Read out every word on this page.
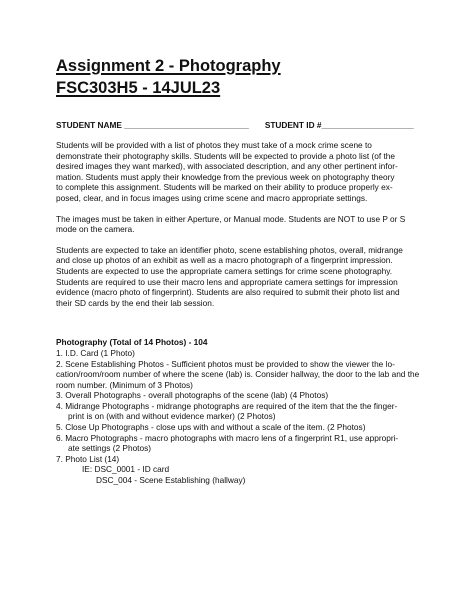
Assignment 2 - Photography
FSC303H5 - 14JUL23
STUDENT NAME ___________________________ STUDENT ID #____________________

Students will be provided with a list of photos they must take of a mock crime scene to
demonstrate their photography skills. Students will be expected to provide a photo list (of the
desired images they want marked), with associated description, and any other pertinent infor-
mation. Students must apply their knowledge from the previous week on photography theory
to complete this assignment. Students will be marked on their ability to produce properly ex-
posed, clear, and in focus images using crime scene and macro appropriate settings.

The images must be taken in either Aperture, or Manual mode. Students are NOT to use P or S
mode on the camera.

Students are expected to take an identifier photo, scene establishing photos, overall, midrange
and close up photos of an exhibit as well as a macro photograph of a fingerprint impression.
Students are expected to use the appropriate camera settings for crime scene photography.
Students are required to use their macro lens and appropriate camera settings for impression
evidence (macro photo of fingerprint). Students are also required to submit their photo list and
their SD cards by the end their lab session.

Photography (Total of 14 Photos) - 104
1. I.D. Card (1 Photo)
2. Scene Establishing Photos - Sufficient photos must be provided to show the viewer the lo-
cation/room/room number of where the scene (lab) is. Consider hallway, the door to the lab and the
room number. (Minimum of 3 Photos)
3. Overall Photographs - overall photographs of the scene (lab) (4 Photos)
4. Midrange Photographs - midrange photographs are required of the item that the the finger-
print is on (with and without evidence marker) (2 Photos)
5. Close Up Photographs - close ups with and without a scale of the item. (2 Photos)
6. Macro Photographs - macro photographs with macro lens of a fingerprint R1, use appropri-
ate settings (2 Photos)
7. Photo List (14)
IE: DSC_0001 - ID card
DSC_004 - Scene Establishing (hallway)
